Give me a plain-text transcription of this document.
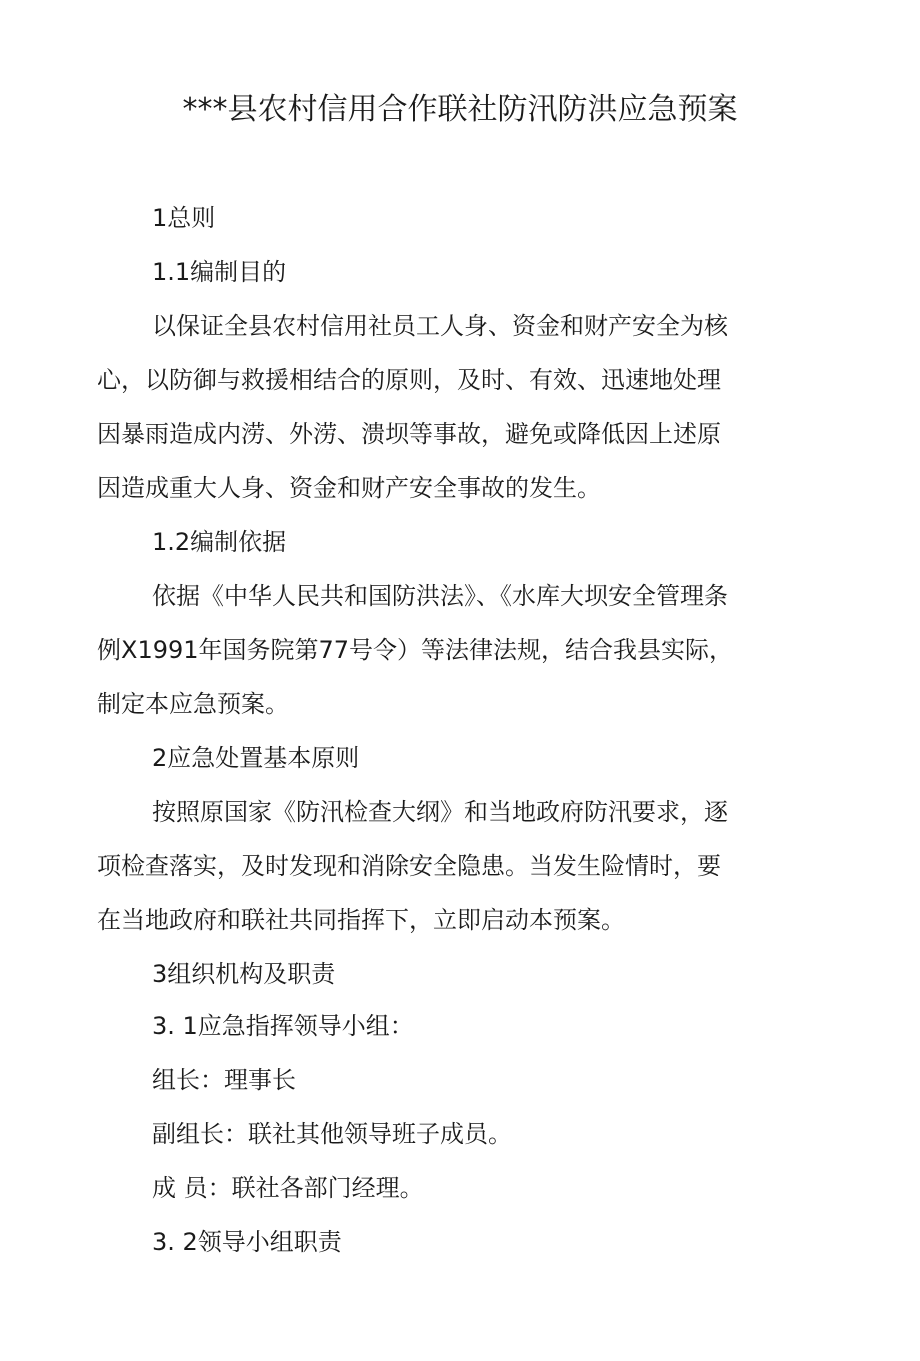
***县农村信用合作联社防汛防洪应急预案
1总则
1.1编制目的
以保证全县农村信用社员工人身、资金和财产安全为核
心，以防御与救援相结合的原则，及时、有效、迅速地处理
因暴雨造成内涝、外涝、溃坝等事故，避免或降低因上述原
因造成重大人身、资金和财产安全事故的发生。
1.2编制依据
依据《中华人民共和国防洪法》、《水库大坝安全管理条
例X1991年国务院第77号令）等法律法规，结合我县实际，
制定本应急预案。
2应急处置基本原则
按照原国家《防汛检查大纲》和当地政府防汛要求，逐
项检查落实，及时发现和消除安全隐患。当发生险情时，要
在当地政府和联社共同指挥下，立即启动本预案。
3组织机构及职责
3. 1应急指挥领导小组：
组长：理事长
副组长：联社其他领导班子成员。
成 员：联社各部门经理。
3. 2领导小组职责
